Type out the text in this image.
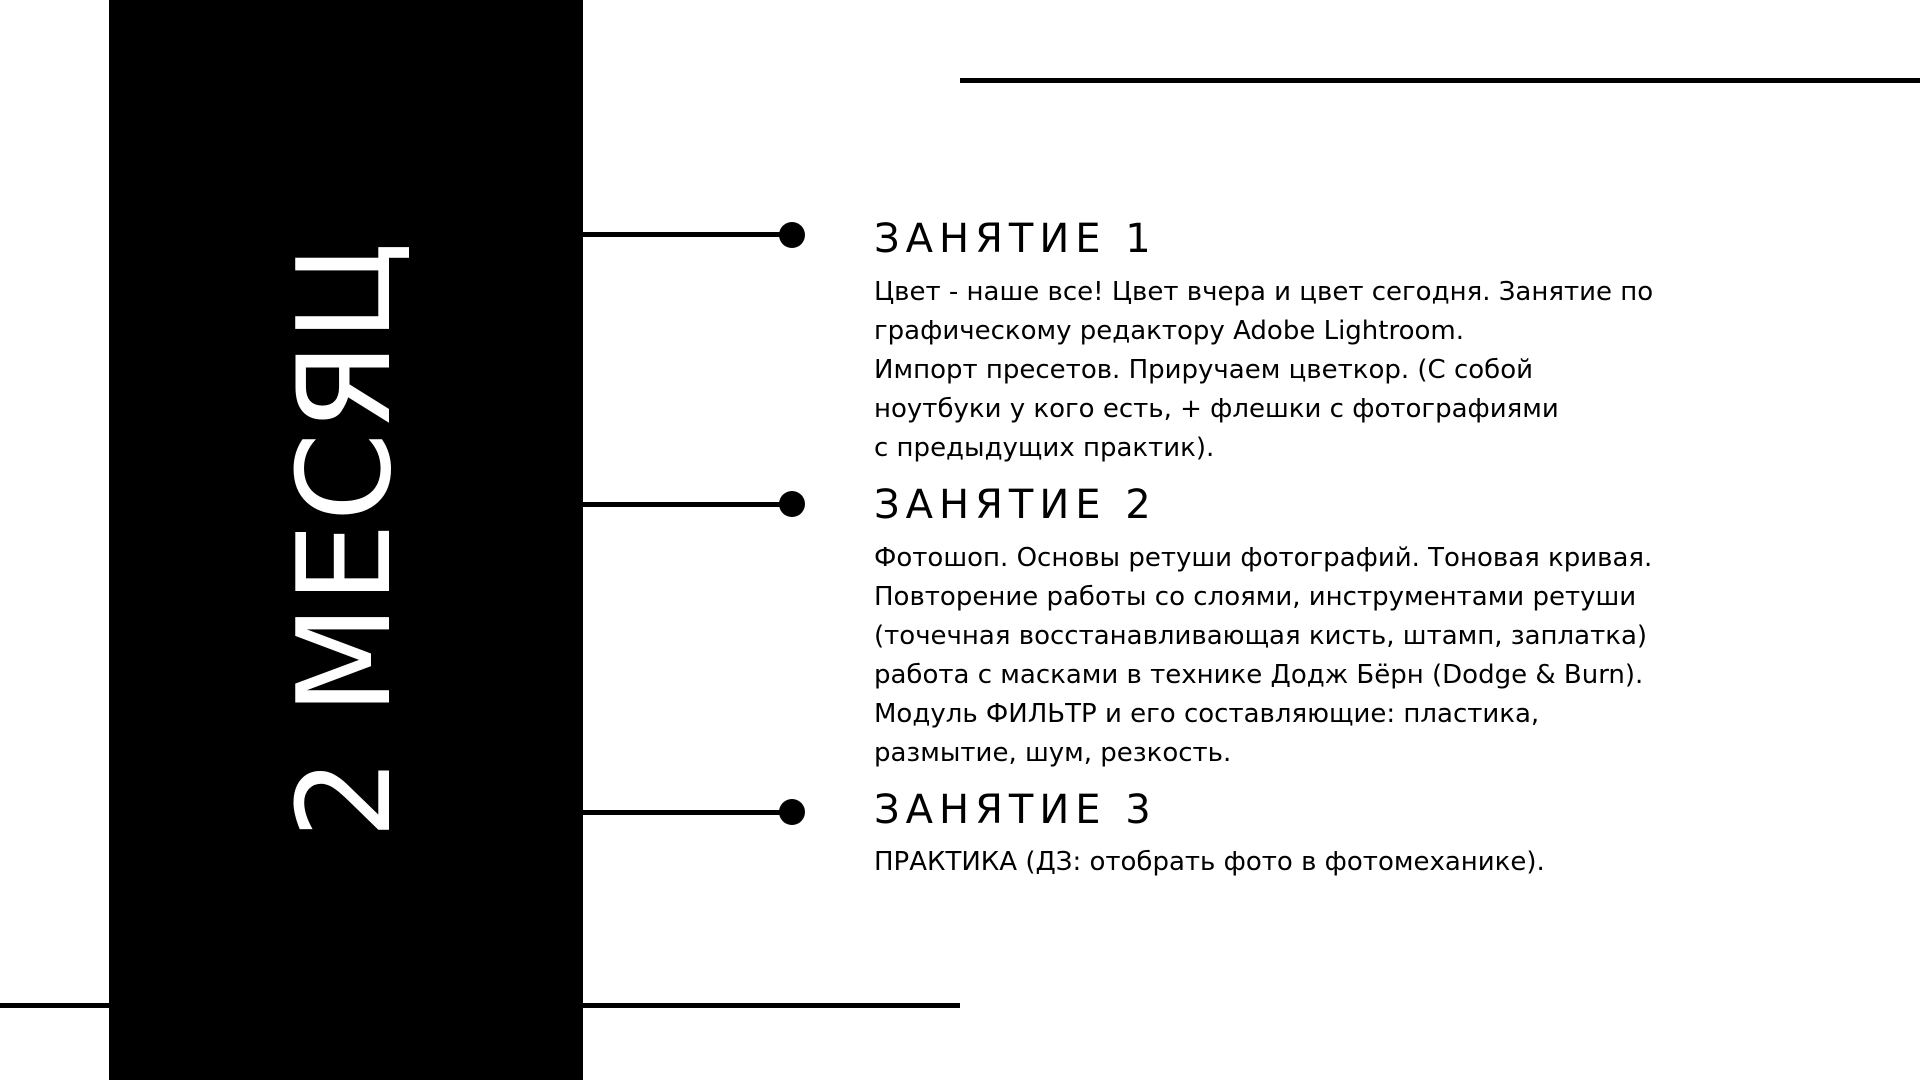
2 МЕСЯЦ
ЗАНЯТИЕ 1
Цвет - наше все! Цвет вчера и цвет сегодня. Занятие по
графическому редактору Adobe Lightroom.
Импорт пресетов. Приручаем цветкор. (С собой
ноутбуки у кого есть, + флешки с фотографиями
с предыдущих практик).
ЗАНЯТИЕ 2
Фотошоп. Основы ретуши фотографий. Тоновая кривая.
Повторение работы со слоями, инструментами ретуши
(точечная восстанавливающая кисть, штамп, заплатка)
работа с масками в технике Додж Бёрн (Dodge & Burn).
Модуль ФИЛЬТР и его составляющие: пластика,
размытие, шум, резкость.
ЗАНЯТИЕ 3
ПРАКТИКА (ДЗ: отобрать фото в фотомеханике).
